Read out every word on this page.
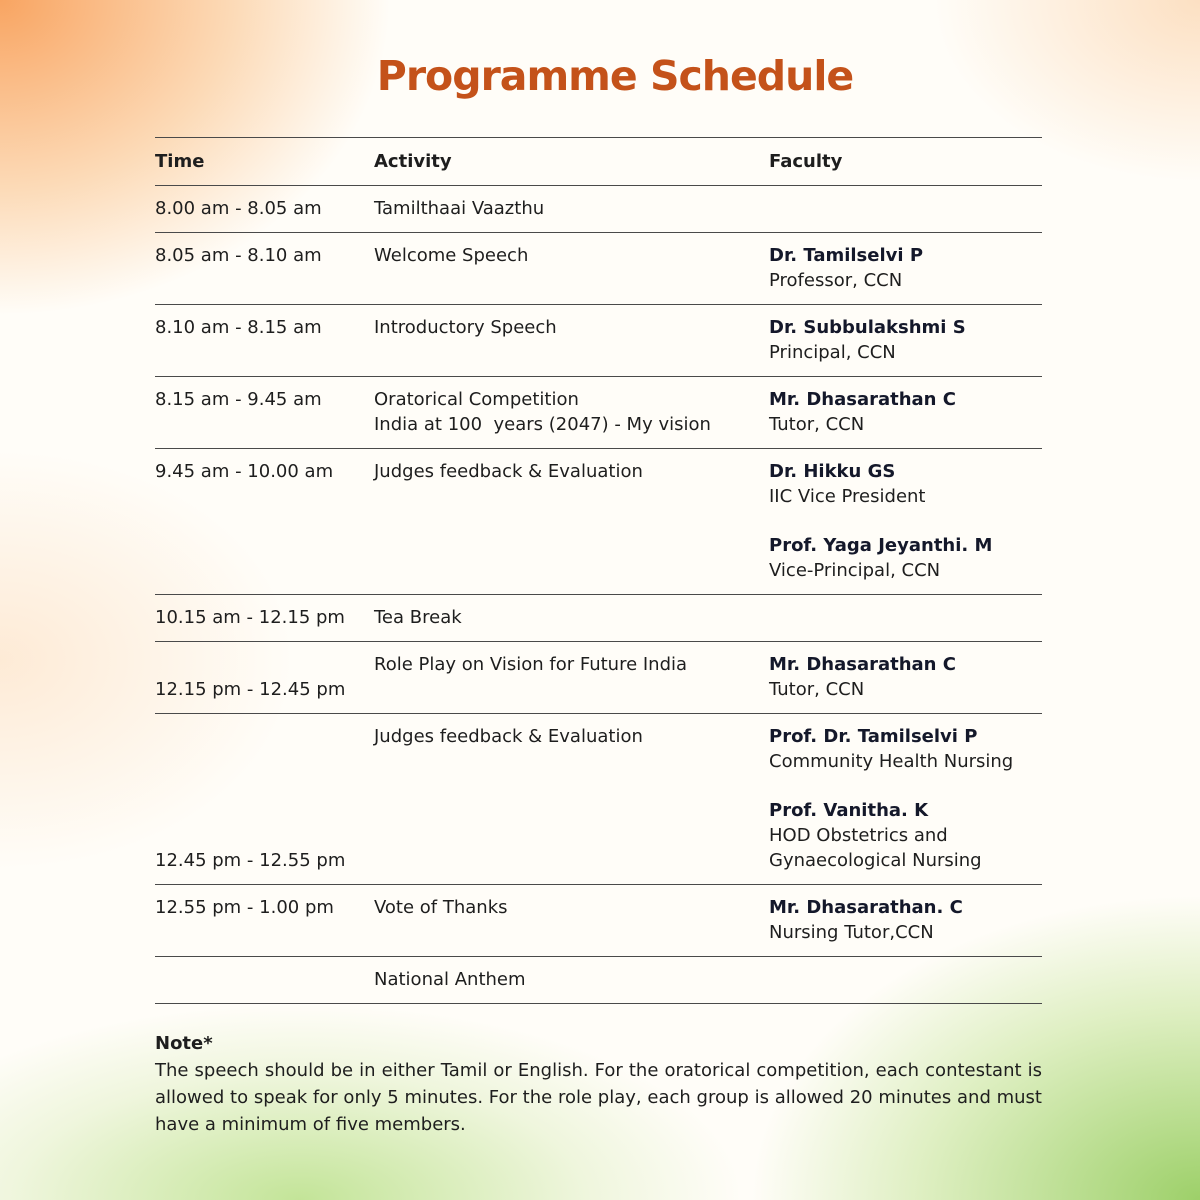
Programme Schedule
Time	Activity	Faculty
8.00 am - 8.05 am	Tamilthaai Vaazthu	
8.05 am - 8.10 am	Welcome Speech	Dr. Tamilselvi P
Professor, CCN

8.10 am - 8.15 am	Introductory Speech	Dr. Subbulakshmi S
Principal, CCN

8.15 am - 9.45 am	Oratorical Competition
India at 100  years (2047) - My vision	Mr. Dhasarathan C
Tutor, CCN

9.45 am - 10.00 am	Judges feedback & Evaluation	Dr. Hikku GS
IIC Vice President
Prof. Yaga Jeyanthi. M
Vice-Principal, CCN

10.15 am - 12.15 pm	Tea Break	
12.15 pm - 12.45 pm	Role Play on Vision for Future India	Mr. Dhasarathan C
Tutor, CCN

12.45 pm - 12.55 pm	Judges feedback & Evaluation	Prof. Dr. Tamilselvi P
Community Health Nursing
Prof. Vanitha. K
HOD Obstetrics and
Gynaecological Nursing

12.55 pm - 1.00 pm	Vote of Thanks	Mr. Dhasarathan. C
Nursing Tutor,CCN

	National Anthem	
Note*
The speech should be in either Tamil or English. For the oratorical competition, each contestant is allowed to speak for only 5 minutes. For the role play, each group is allowed 20 minutes and must have a minimum of five members.
